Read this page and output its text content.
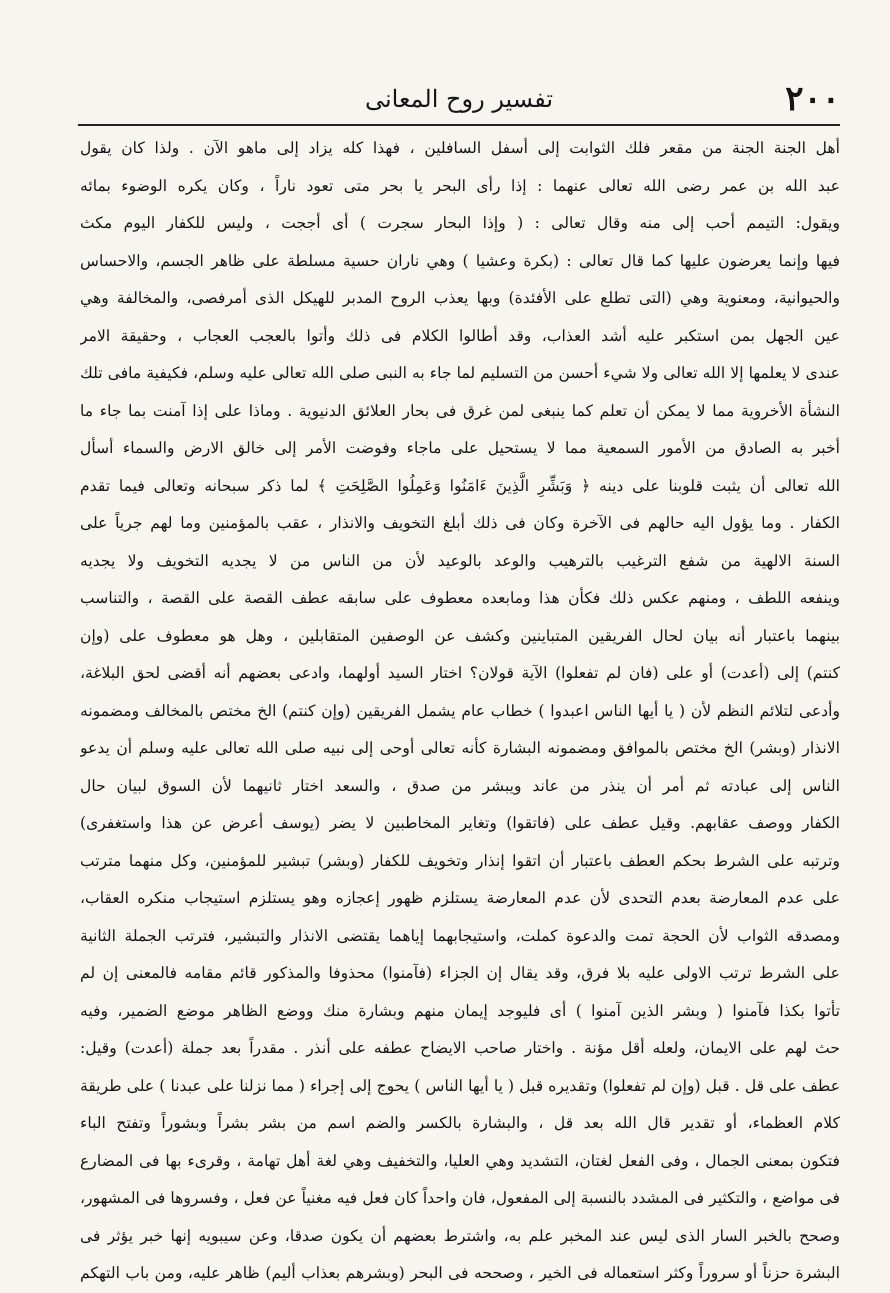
٢٠٠
تفسير روح المعانى
أهل الجنة الجنة من مقعر فلك الثوابت إلى أسفل السافلين ، فهذا كله يزاد إلى ماهو الآن . ولذا كان يقول
عبد الله بن عمر رضى الله تعالى عنهما : إذا رأى البحر يا بحر متى تعود ناراً ، وكان يكره الوضوء بمائه
ويقول: التيمم أحب إلى منه وقال تعالى : ( وإذا البحار سجرت ) أى أججت ، وليس للكفار اليوم مكث
فيها وإنما يعرضون عليها كما قال تعالى : (بكرة وعشيا ) وهي ناران حسية مسلطة على ظاهر الجسم، والاحساس
والحيوانية، ومعنوية وهي (التى تطلع على الأفئدة) وبها يعذب الروح المدبر للهيكل الذى أمرفصى، والمخالفة وهي
عين الجهل بمن استكبر عليه أشد العذاب، وقد أطالوا الكلام فى ذلك وأتوا بالعجب العجاب ، وحقيقة الامر
عندى لا يعلمها إلا الله تعالى ولا شيء أحسن من التسليم لما جاء به النبى صلى الله تعالى عليه وسلم، فكيفية مافى تلك
النشأة الأخروية مما لا يمكن أن تعلم كما ينبغى لمن غرق فى بحار العلائق الدنيوية . وماذا على إذا آمنت بما جاء ما
أخبر به الصادق من الأمور السمعية مما لا يستحيل على ماجاء وفوضت الأمر إلى خالق الارض والسماء أسأل
الله تعالى أن يثبت قلوبنا على دينه ﴿ وَبَشِّرِ الَّذِينَ ءَامَنُوا وَعَمِلُوا الصَّلِحَتِ ﴾ لما ذكر سبحانه وتعالى فيما تقدم
الكفار . وما يؤول اليه حالهم فى الآخرة وكان فى ذلك أبلغ التخويف والانذار ، عقب بالمؤمنين وما لهم جرياً على
السنة الالهية من شفع الترغيب بالترهيب والوعد بالوعيد لأن من الناس من لا يجديه التخويف ولا يجديه
وينفعه اللطف ، ومنهم عكس ذلك فكأن هذا ومابعده معطوف على سابقه عطف القصة على القصة ، والتناسب
بينهما باعتبار أنه بيان لحال الفريقين المتباينين وكشف عن الوصفين المتقابلين ، وهل هو معطوف على (وإن
كنتم) إلى (أعدت) أو على (فان لم تفعلوا) الآية قولان؟ اختار السيد أولهما، وادعى بعضهم أنه أقضى لحق البلاغة،
وأدعى لتلائم النظم لأن ( يا أيها الناس اعبدوا ) خطاب عام يشمل الفريقين (وإن كنتم) الخ مختص بالمخالف ومضمونه
الانذار (وبشر) الخ مختص بالموافق ومضمونه البشارة كأنه تعالى أوحى إلى نبيه صلى الله تعالى عليه وسلم أن يدعو
الناس إلى عبادته ثم أمر أن ينذر من عاند ويبشر من صدق ، والسعد اختار ثانيهما لأن السوق لبيان حال
الكفار ووصف عقابهم. وقيل عطف على (فاتقوا) وتغاير المخاطبين لا يضر (يوسف أعرض عن هذا واستغفرى)
وترتبه على الشرط بحكم العطف باعتبار أن اتقوا إنذار وتخويف للكفار (وبشر) تبشير للمؤمنين، وكل منهما مترتب
على عدم المعارضة بعدم التحدى لأن عدم المعارضة يستلزم ظهور إعجازه وهو يستلزم استيجاب منكره العقاب،
ومصدقه الثواب لأن الحجة تمت والدعوة كملت، واستيجابهما إياهما يقتضى الانذار والتبشير، فترتب الجملة الثانية
على الشرط ترتب الاولى عليه بلا فرق، وقد يقال إن الجزاء (فآمنوا) محذوفا والمذكور قائم مقامه فالمعنى إن لم
تأتوا بكذا فآمنوا ( وبشر الذين آمنوا ) أى فليوجد إيمان منهم وبشارة منك ووضع الظاهر موضع الضمير، وفيه
حث لهم على الايمان، ولعله أقل مؤنة . واختار صاحب الايضاح عطفه على أنذر . مقدراً بعد جملة (أعدت) وقيل:
عطف على قل . قبل (وإن لم تفعلوا) وتقديره قبل ( يا أيها الناس ) يحوج إلى إجراء ( مما نزلنا على عبدنا ) على طريقة
كلام العظماء، أو تقدير قال الله بعد قل ، والبشارة بالكسر والضم اسم من بشر بشراً وبشوراً وتفتح الباء
فتكون بمعنى الجمال ، وفى الفعل لغتان، التشديد وهي العليا، والتخفيف وهي لغة أهل تهامة ، وقرىء بها فى المضارع
فى مواضع ، والتكثير فى المشدد بالنسبة إلى المفعول، فان واحداً كان فعل فيه مغنياً عن فعل ، وفسروها فى المشهور،
وصحح بالخبر السار الذى ليس عند المخبر علم به، واشترط بعضهم أن يكون صدقا، وعن سيبويه إنها خبر يؤثر فى
البشرة حزناً أو سروراً وكثر استعماله فى الخير ، وصححه فى البحر (وبشرهم بعذاب أليم) ظاهر عليه، ومن باب التهكم
